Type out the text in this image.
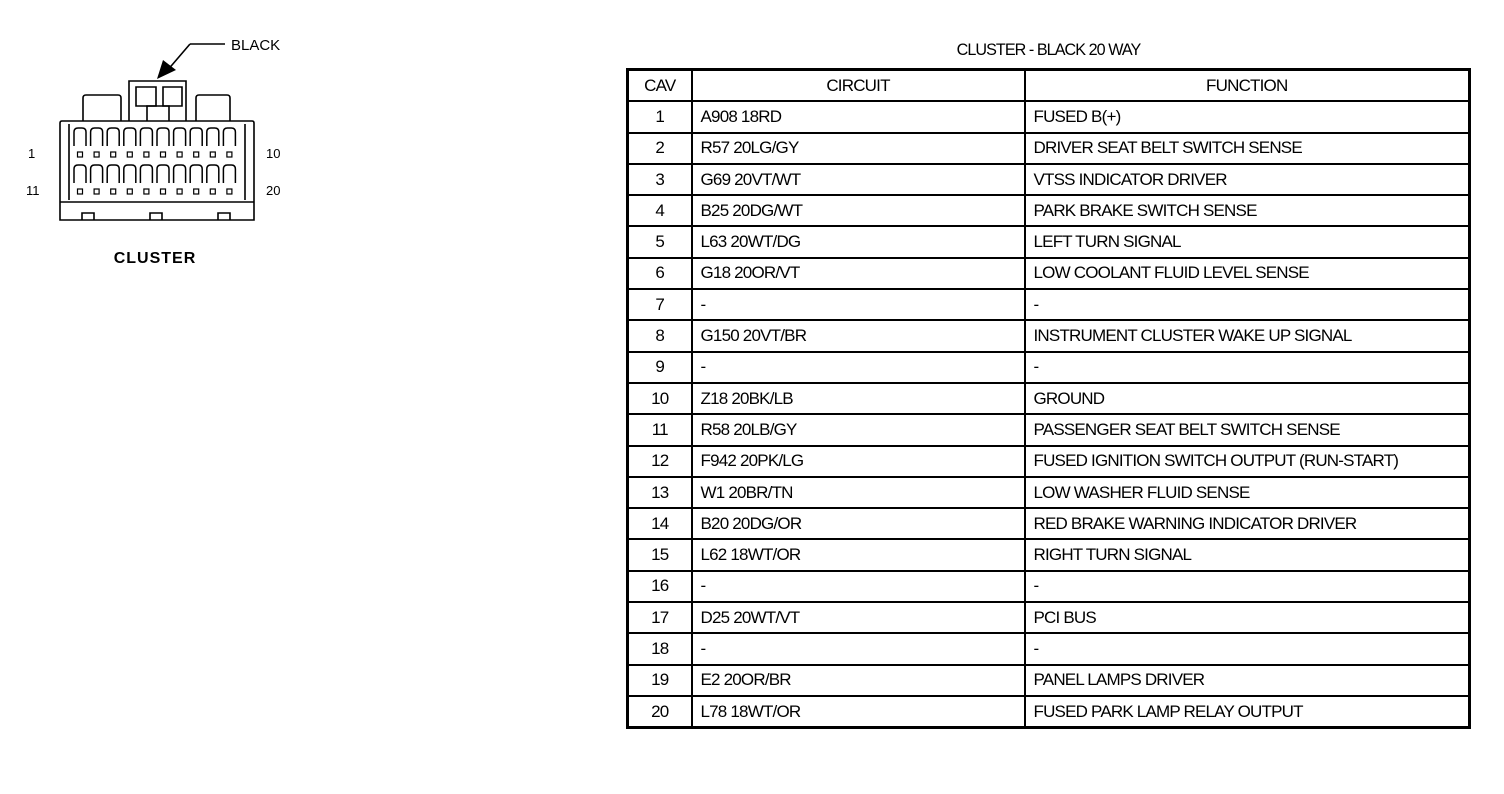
BLACK
1	10
11	20
CLUSTER
CLUSTER - BLACK 20 WAY
CAV	CIRCUIT	FUNCTION
1	A908 18RD	FUSED B(+)
2	R57 20LG/GY	DRIVER SEAT BELT SWITCH SENSE
3	G69 20VT/WT	VTSS INDICATOR DRIVER
4	B25 20DG/WT	PARK BRAKE SWITCH SENSE
5	L63 20WT/DG	LEFT TURN SIGNAL
6	G18 20OR/VT	LOW COOLANT FLUID LEVEL SENSE
7	-	-
8	G150 20VT/BR	INSTRUMENT CLUSTER WAKE UP SIGNAL
9	-	-
10	Z18 20BK/LB	GROUND
11	R58 20LB/GY	PASSENGER SEAT BELT SWITCH SENSE
12	F942 20PK/LG	FUSED IGNITION SWITCH OUTPUT (RUN-START)
13	W1 20BR/TN	LOW WASHER FLUID SENSE
14	B20 20DG/OR	RED BRAKE WARNING INDICATOR DRIVER
15	L62 18WT/OR	RIGHT TURN SIGNAL
16	-	-
17	D25 20WT/VT	PCI BUS
18	-	-
19	E2 20OR/BR	PANEL LAMPS DRIVER
20	L78 18WT/OR	FUSED PARK LAMP RELAY OUTPUT
